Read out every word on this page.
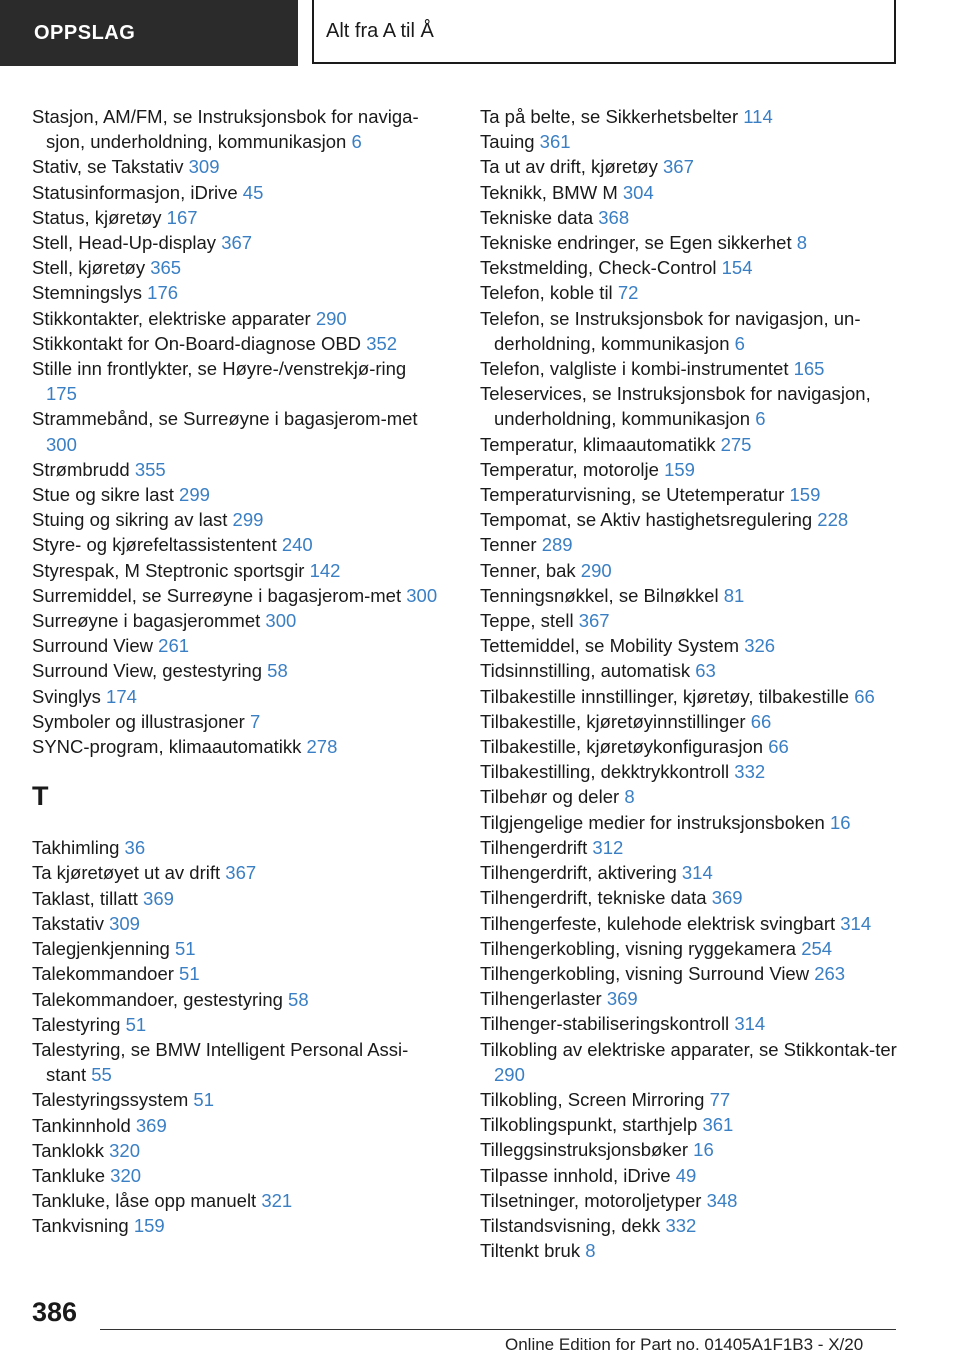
OPPSLAG	Alt fra A til Å
Stasjon, AM/FM, se Instruksjonsbok for naviga-sjon, underholdning, kommunikasjon 6
Stativ, se Takstativ 309
Statusinformasjon, iDrive 45
Status, kjøretøy 167
Stell, Head-Up-display 367
Stell, kjøretøy 365
Stemningslys 176
Stikkontakter, elektriske apparater 290
Stikkontakt for On-Board-diagnose OBD 352
Stille inn frontlykter, se Høyre-/venstrekjø-ring 175
Strammebånd, se Surreøyne i bagasjerom-met 300
Strømbrudd 355
Stue og sikre last 299
Stuing og sikring av last 299
Styre- og kjørefeltassistentent 240
Styrespak, M Steptronic sportsgir 142
Surremiddel, se Surreøyne i bagasjerom-met 300
Surreøyne i bagasjerommet 300
Surround View 261
Surround View, gestestyring 58
Svinglys 174
Symboler og illustrasjoner 7
SYNC-program, klimaautomatikk 278
T
Takhimling 36
Ta kjøretøyet ut av drift 367
Taklast, tillatt 369
Takstativ 309
Talegjenkjenning 51
Talekommandoer 51
Talekommandoer, gestestyring 58
Talestyring 51
Talestyring, se BMW Intelligent Personal Assi-stant 55
Talestyringssystem 51
Tankinnhold 369
Tanklokk 320
Tankluke 320
Tankluke, låse opp manuelt 321
Tankvisning 159
Ta på belte, se Sikkerhetsbelter 114
Tauing 361
Ta ut av drift, kjøretøy 367
Teknikk, BMW M 304
Tekniske data 368
Tekniske endringer, se Egen sikkerhet 8
Tekstmelding, Check-Control 154
Telefon, koble til 72
Telefon, se Instruksjonsbok for navigasjon, un-derholdning, kommunikasjon 6
Telefon, valgliste i kombi-instrumentet 165
Teleservices, se Instruksjonsbok for navigasjon, underholdning, kommunikasjon 6
Temperatur, klimaautomatikk 275
Temperatur, motorolje 159
Temperaturvisning, se Utetemperatur 159
Tempomat, se Aktiv hastighetsregulering 228
Tenner 289
Tenner, bak 290
Tenningsnøkkel, se Bilnøkkel 81
Teppe, stell 367
Tettemiddel, se Mobility System 326
Tidsinnstilling, automatisk 63
Tilbakestille innstillinger, kjøretøy, tilbakestille 66
Tilbakestille, kjøretøyinnstillinger 66
Tilbakestille, kjøretøykonfigurasjon 66
Tilbakestilling, dekktrykkontroll 332
Tilbehør og deler 8
Tilgjengelige medier for instruksjonsboken 16
Tilhengerdrift 312
Tilhengerdrift, aktivering 314
Tilhengerdrift, tekniske data 369
Tilhengerfeste, kulehode elektrisk svingbart 314
Tilhengerkobling, visning ryggekamera 254
Tilhengerkobling, visning Surround View 263
Tilhengerlaster 369
Tilhenger-stabiliseringskontroll 314
Tilkobling av elektriske apparater, se Stikkontak-ter 290
Tilkobling, Screen Mirroring 77
Tilkoblingspunkt, starthjelp 361
Tilleggsinstruksjonsbøker 16
Tilpasse innhold, iDrive 49
Tilsetninger, motoroljetyper 348
Tilstandsvisning, dekk 332
Tiltenkt bruk 8
386
Online Edition for Part no. 01405A1F1B3 - X/20
